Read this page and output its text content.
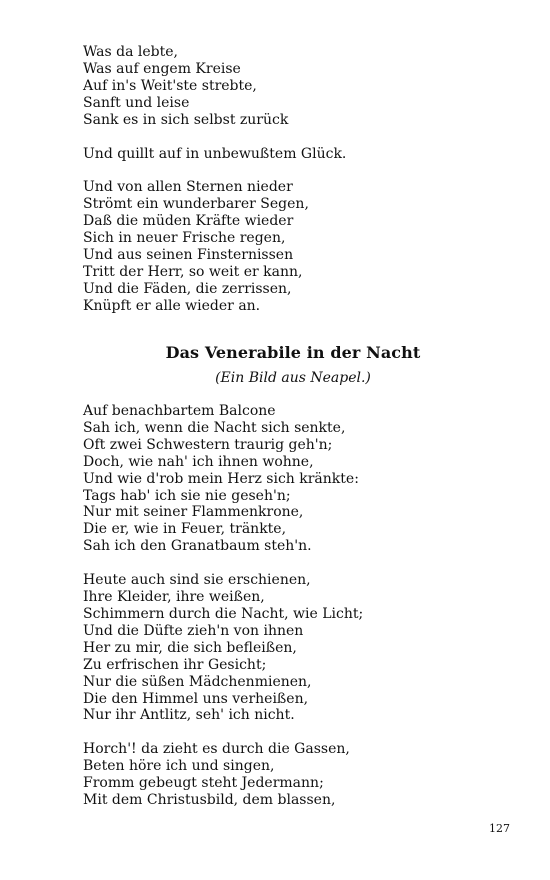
Was da lebte,
Was auf engem Kreise
Auf in's Weit'ste strebte,
Sanft und leise
Sank es in sich selbst zurück
Und quillt auf in unbewußtem Glück.
Und von allen Sternen nieder
Strömt ein wunderbarer Segen,
Daß die müden Kräfte wieder
Sich in neuer Frische regen,
Und aus seinen Finsternissen
Tritt der Herr, so weit er kann,
Und die Fäden, die zerrissen,
Knüpft er alle wieder an.
Das Venerabile in der Nacht
(Ein Bild aus Neapel.)
Auf benachbartem Balcone
Sah ich, wenn die Nacht sich senkte,
Oft zwei Schwestern traurig geh'n;
Doch, wie nah' ich ihnen wohne,
Und wie d'rob mein Herz sich kränkte:
Tags hab' ich sie nie geseh'n;
Nur mit seiner Flammenkrone,
Die er, wie in Feuer, tränkte,
Sah ich den Granatbaum steh'n.
Heute auch sind sie erschienen,
Ihre Kleider, ihre weißen,
Schimmern durch die Nacht, wie Licht;
Und die Düfte zieh'n von ihnen
Her zu mir, die sich befleißen,
Zu erfrischen ihr Gesicht;
Nur die süßen Mädchenmienen,
Die den Himmel uns verheißen,
Nur ihr Antlitz, seh' ich nicht.
Horch'! da zieht es durch die Gassen,
Beten höre ich und singen,
Fromm gebeugt steht Jedermann;
Mit dem Christusbild, dem blassen,
127
